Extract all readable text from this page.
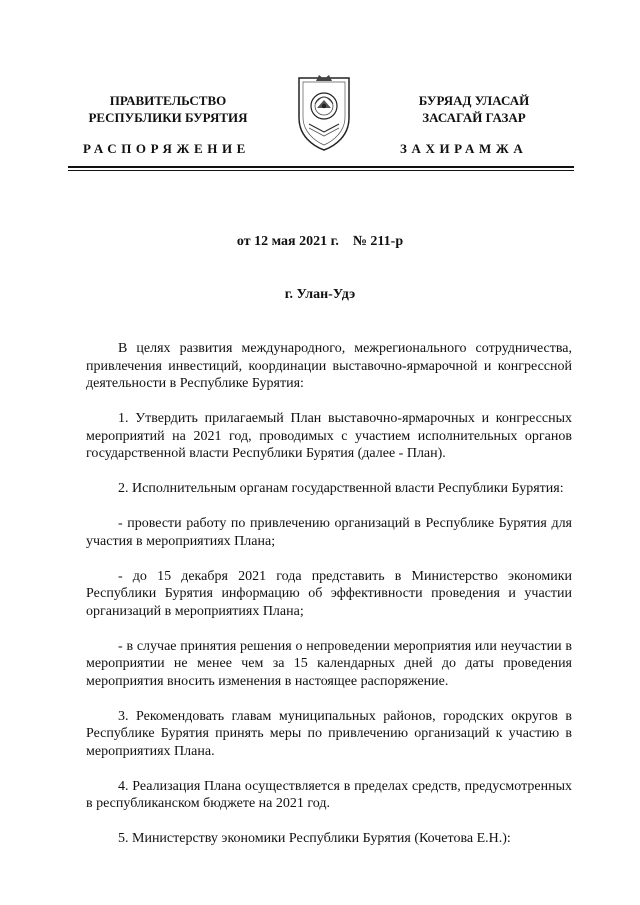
ПРАВИТЕЛЬСТВО
РЕСПУБЛИКИ БУРЯТИЯ
БУРЯАД УЛАСАЙ
ЗАСАГАЙ ГАЗАР
РАСПОРЯЖЕНИЕ	ЗАХИРАМЖА
от 12 мая 2021 г.    № 211-р
г. Улан-Удэ

В целях развития международного, межрегионального сотрудничества, привлечения инвестиций, координации выставочно-ярмарочной и конгрессной деятельности в Республике Бурятия:

1. Утвердить прилагаемый План выставочно-ярмарочных и конгрессных мероприятий на 2021 год, проводимых с участием исполнительных органов государственной власти Республики Бурятия (далее - План).

2. Исполнительным органам государственной власти Республики Бурятия:

- провести работу по привлечению организаций в Республике Бурятия для участия в мероприятиях Плана;

- до 15 декабря 2021 года представить в Министерство экономики Республики Бурятия информацию об эффективности проведения и участии организаций в мероприятиях Плана;

- в случае принятия решения о непроведении мероприятия или неучастии в мероприятии не менее чем за 15 календарных дней до даты проведения мероприятия вносить изменения в настоящее распоряжение.

3. Рекомендовать главам муниципальных районов, городских округов в Республике Бурятия принять меры по привлечению организаций к участию в мероприятиях Плана.

4. Реализация Плана осуществляется в пределах средств, предусмотренных в республиканском бюджете на 2021 год.

5. Министерству экономики Республики Бурятия (Кочетова Е.Н.):
